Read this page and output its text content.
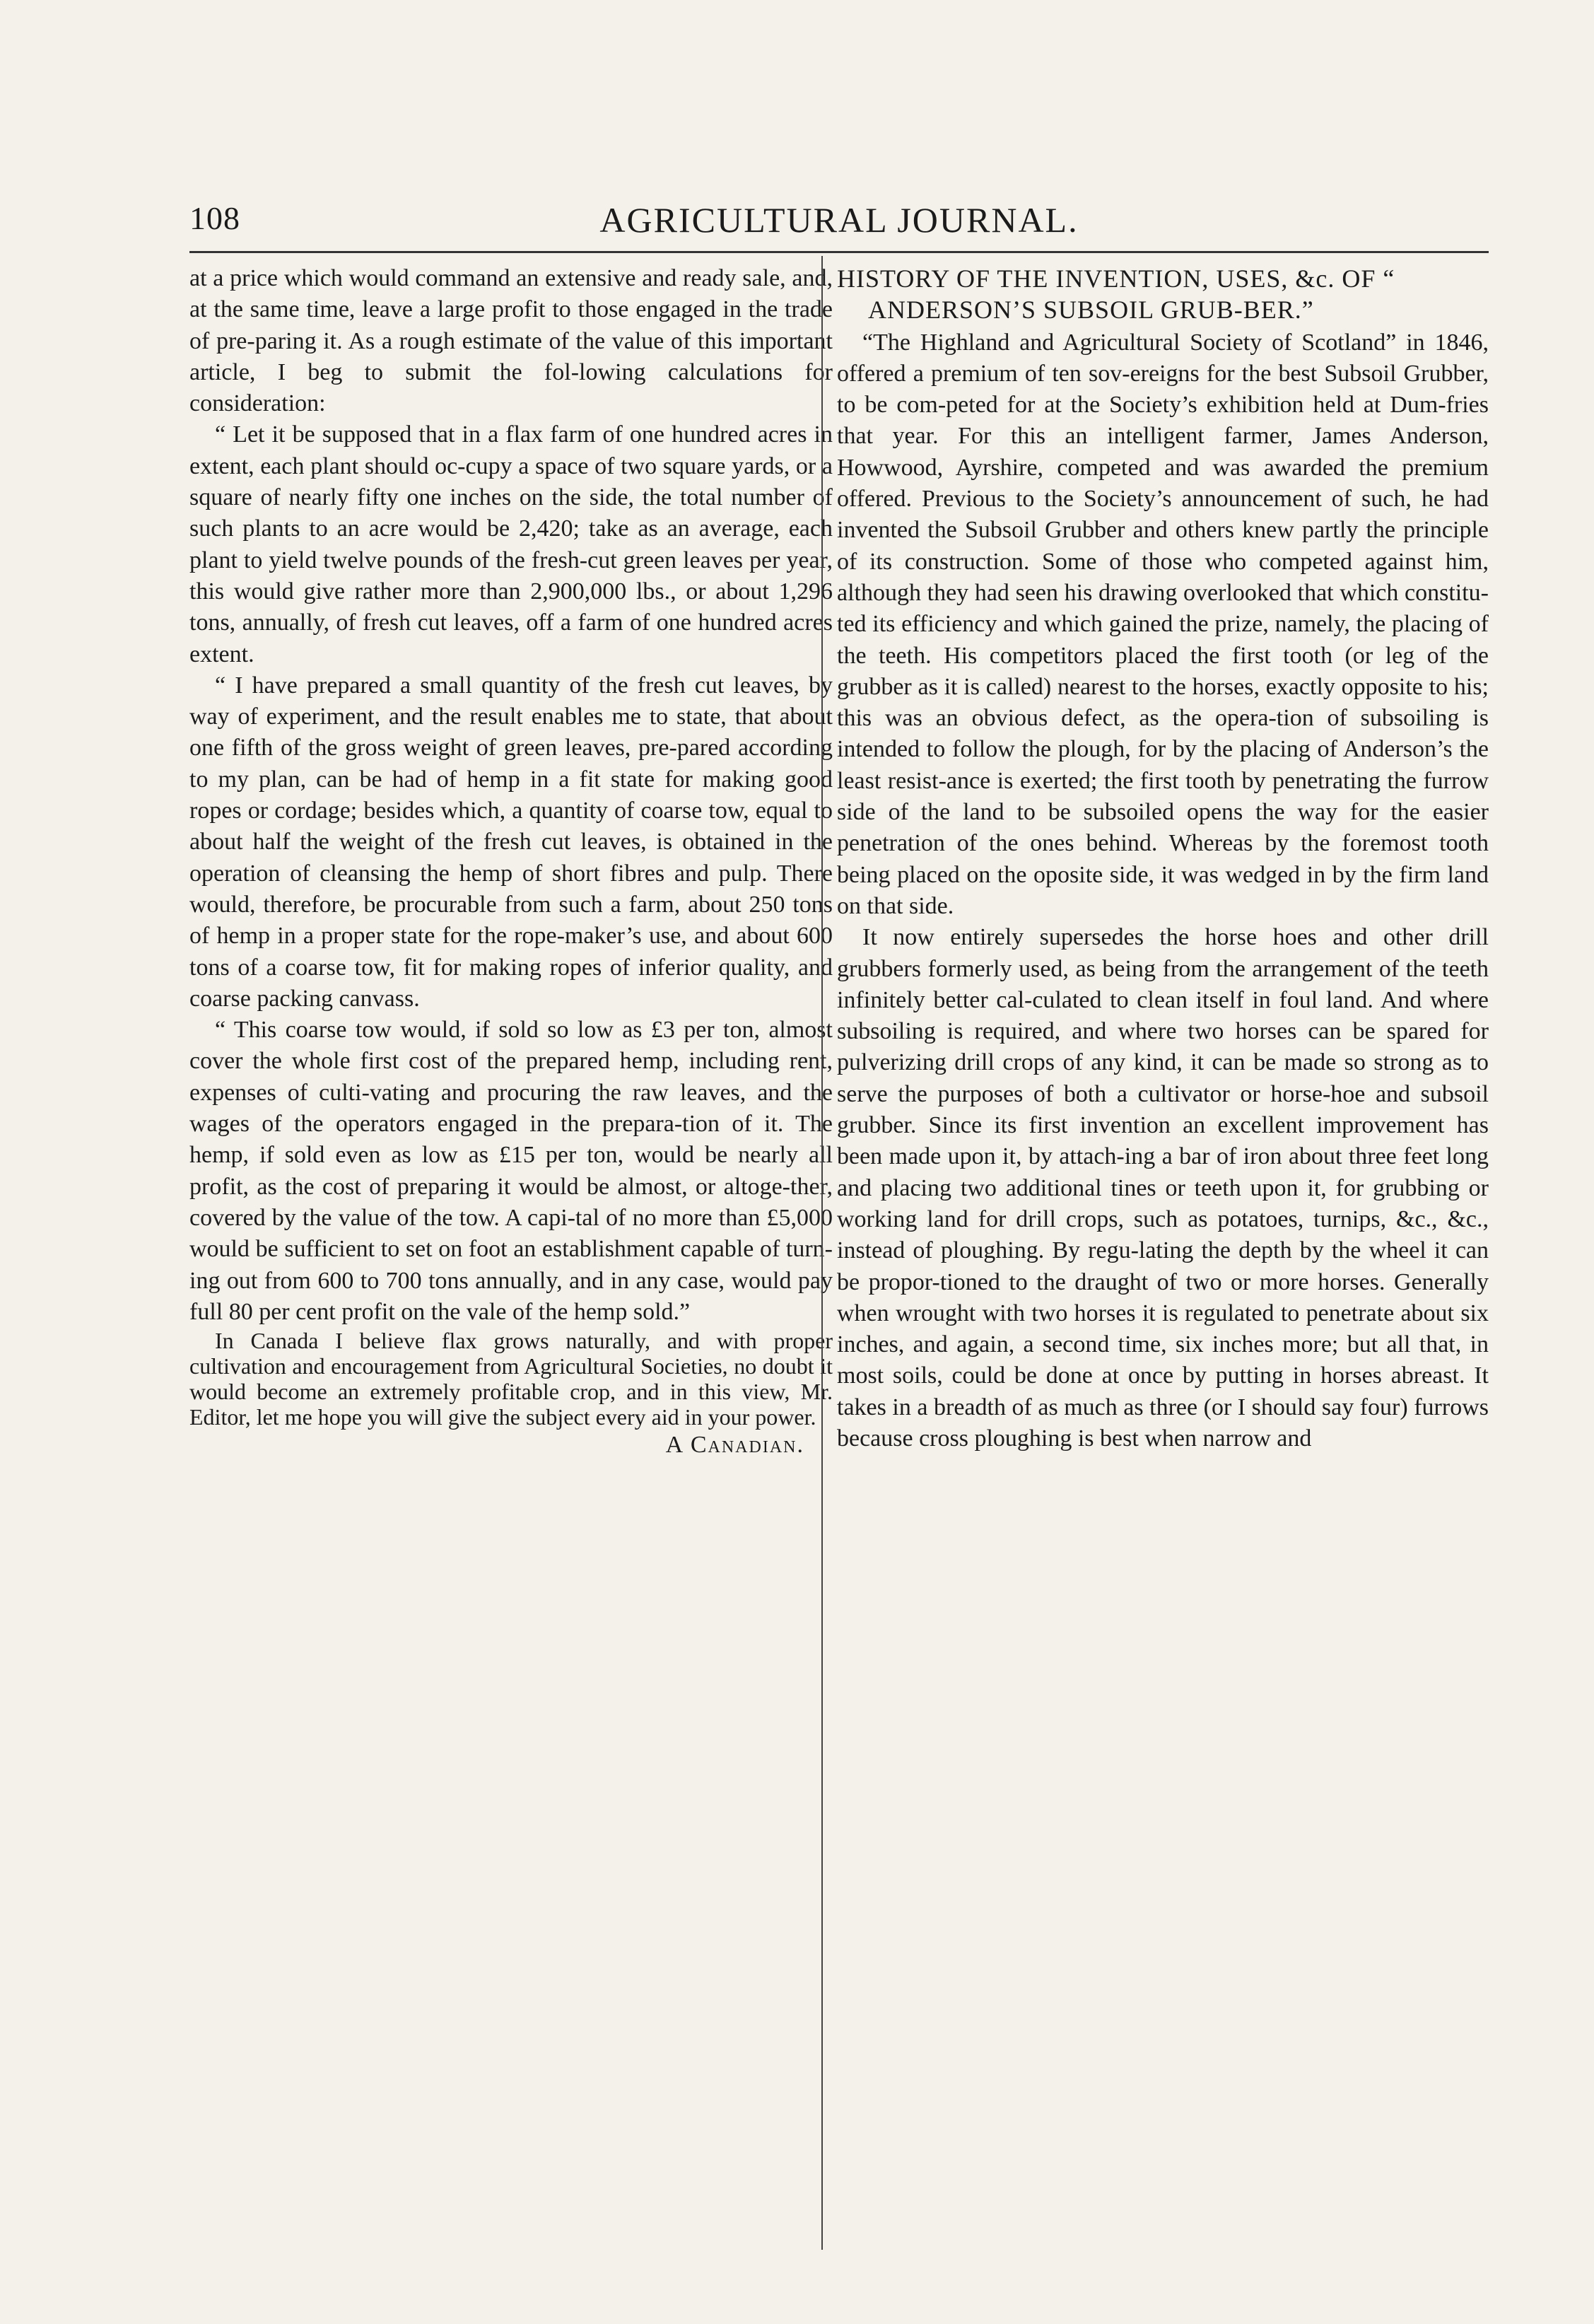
108	AGRICULTURAL JOURNAL.

at a price which would command an extensive and ready sale, and, at the same time, leave a large profit to those engaged in the trade of pre-paring it. As a rough estimate of the value of this important article, I beg to submit the fol-lowing calculations for consideration:

“ Let it be supposed that in a flax farm of one hundred acres in extent, each plant should oc-cupy a space of two square yards, or a square of nearly fifty one inches on the side, the total number of such plants to an acre would be 2,420; take as an average, each plant to yield twelve pounds of the fresh-cut green leaves per year, this would give rather more than 2,900,000 lbs., or about 1,296 tons, annually, of fresh cut leaves, off a farm of one hundred acres extent.

“ I have prepared a small quantity of the fresh cut leaves, by way of experiment, and the result enables me to state, that about one fifth of the gross weight of green leaves, pre-pared according to my plan, can be had of hemp in a fit state for making good ropes or cordage; besides which, a quantity of coarse tow, equal to about half the weight of the fresh cut leaves, is obtained in the operation of cleansing the hemp of short fibres and pulp. There would, therefore, be procurable from such a farm, about 250 tons of hemp in a proper state for the rope-maker’s use, and about 600 tons of a coarse tow, fit for making ropes of inferior quality, and coarse packing canvass.

“ This coarse tow would, if sold so low as £3 per ton, almost cover the whole first cost of the prepared hemp, including rent, expenses of culti-vating and procuring the raw leaves, and the wages of the operators engaged in the prepara-tion of it. The hemp, if sold even as low as £15 per ton, would be nearly all profit, as the cost of preparing it would be almost, or altoge-ther, covered by the value of the tow. A capi-tal of no more than £5,000 would be sufficient to set on foot an establishment capable of turn-ing out from 600 to 700 tons annually, and in any case, would pay full 80 per cent profit on the vale of the hemp sold.”

In Canada I believe flax grows naturally, and with proper cultivation and encouragement from Agricultural Societies, no doubt it would become an extremely profitable crop, and in this view, Mr. Editor, let me hope you will give the subject every aid in your power.

A Canadian.

HISTORY OF THE INVENTION, USES, &c. OF “ ANDERSON’S SUBSOIL GRUB-BER.”

“The Highland and Agricultural Society of Scotland” in 1846, offered a premium of ten sov-ereigns for the best Subsoil Grubber, to be com-peted for at the Society’s exhibition held at Dum-fries that year. For this an intelligent farmer, James Anderson, Howwood, Ayrshire, competed and was awarded the premium offered. Previous to the Society’s announcement of such, he had invented the Subsoil Grubber and others knew partly the principle of its construction. Some of those who competed against him, although they had seen his drawing overlooked that which constitu-ted its efficiency and which gained the prize, namely, the placing of the teeth. His competitors placed the first tooth (or leg of the grubber as it is called) nearest to the horses, exactly opposite to his; this was an obvious defect, as the opera-tion of subsoiling is intended to follow the plough, for by the placing of Anderson’s the least resist-ance is exerted; the first tooth by penetrating the furrow side of the land to be subsoiled opens the way for the easier penetration of the ones behind. Whereas by the foremost tooth being placed on the oposite side, it was wedged in by the firm land on that side.

It now entirely supersedes the horse hoes and other drill grubbers formerly used, as being from the arrangement of the teeth infinitely better cal-culated to clean itself in foul land. And where subsoiling is required, and where two horses can be spared for pulverizing drill crops of any kind, it can be made so strong as to serve the purposes of both a cultivator or horse-hoe and subsoil grubber. Since its first invention an excellent improvement has been made upon it, by attach-ing a bar of iron about three feet long and placing two additional tines or teeth upon it, for grubbing or working land for drill crops, such as potatoes, turnips, &c., &c., instead of ploughing. By regu-lating the depth by the wheel it can be propor-tioned to the draught of two or more horses. Generally when wrought with two horses it is regulated to penetrate about six inches, and again, a second time, six inches more; but all that, in most soils, could be done at once by putting in horses abreast. It takes in a breadth of as much as three (or I should say four) furrows because cross ploughing is best when narrow and
